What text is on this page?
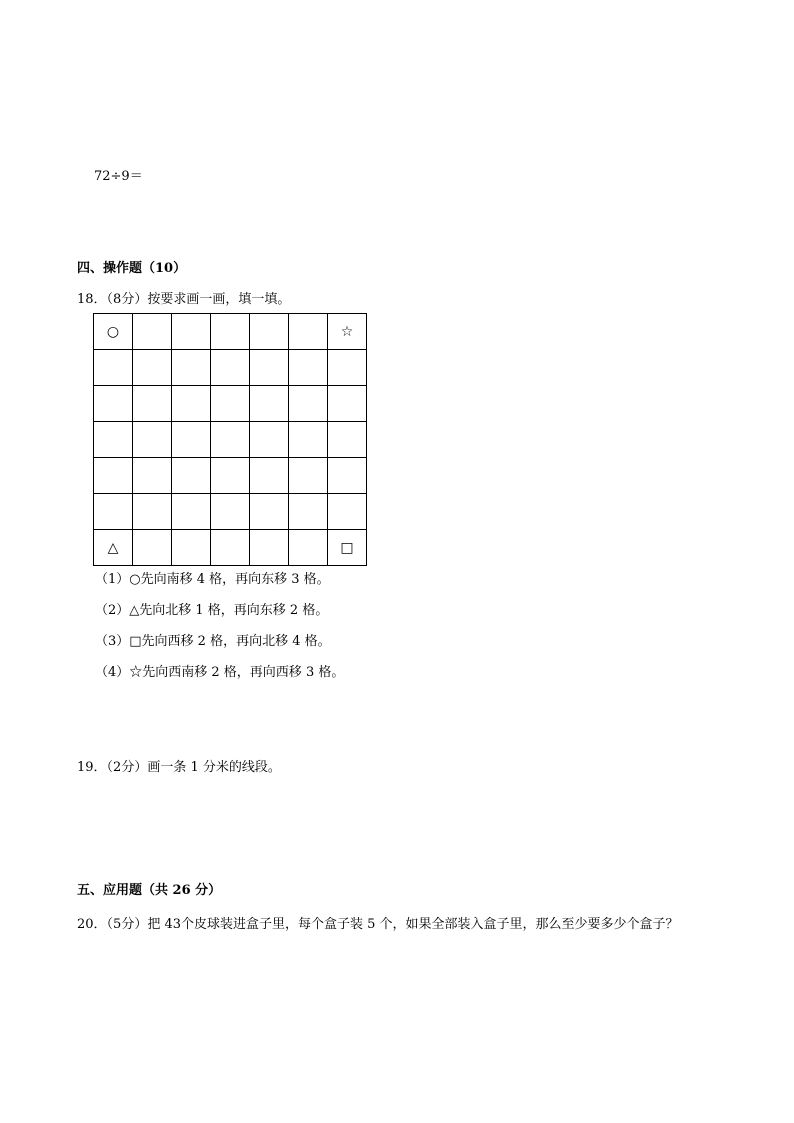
72÷9＝
四、操作题（10）
18．（8分）按要求画一画，填一填。
○						☆

△						□
（1）○先向南移 4 格，再向东移 3 格。
（2）△先向北移 1 格，再向东移 2 格。
（3）□先向西移 2 格，再向北移 4 格。
（4）☆先向西南移 2 格，再向西移 3 格。
19．（2分）画一条 1 分米的线段。
五、应用题（共 26 分）
20．（5分）把 43个皮球装进盒子里，每个盒子装 5 个，如果全部装入盒子里，那么至少要多少个盒子？
